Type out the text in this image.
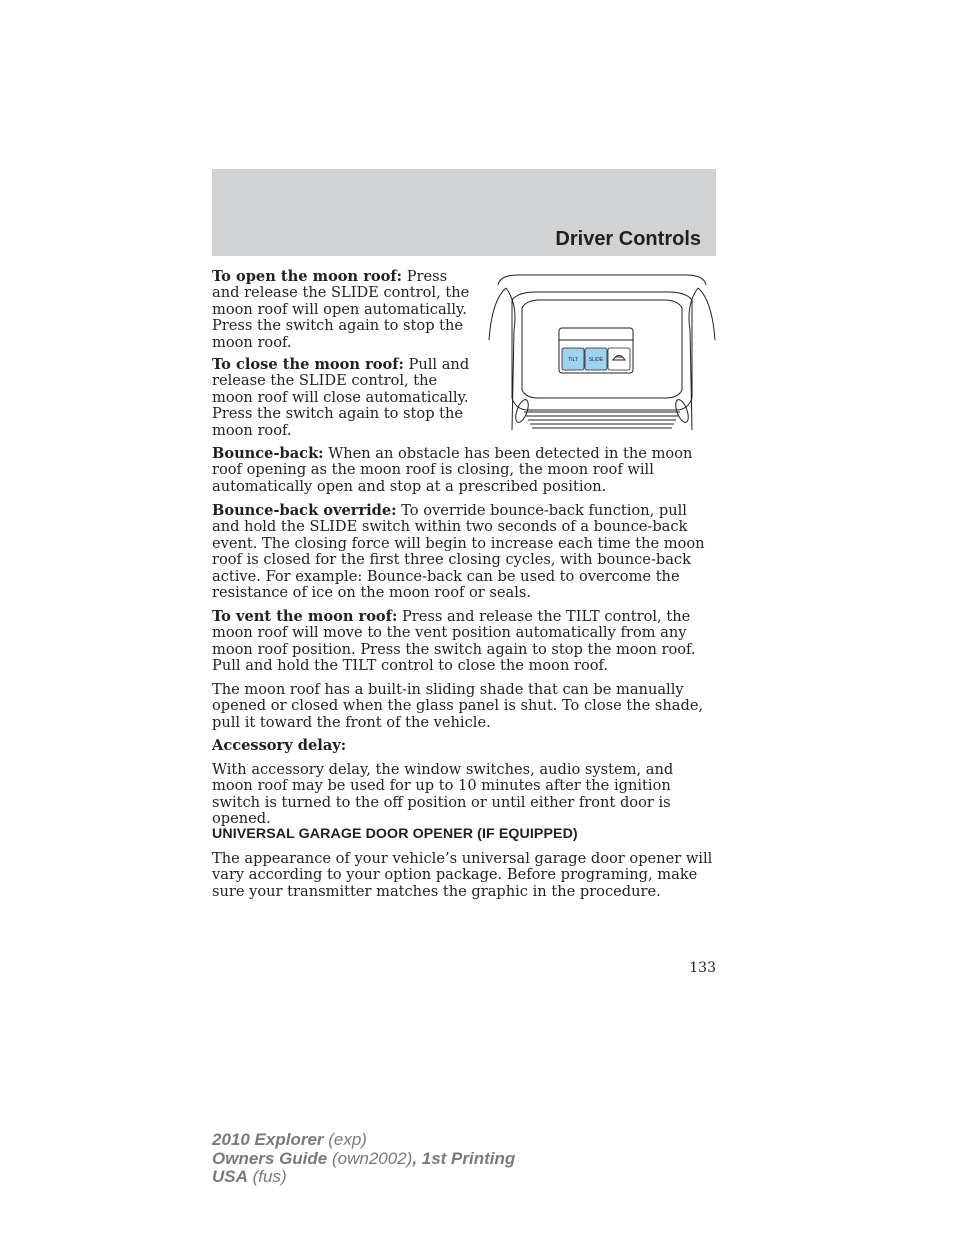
Driver Controls

To open the moon roof: Press and release the SLIDE control, the moon roof will open automatically. Press the switch again to stop the moon roof.

To close the moon roof: Pull and release the SLIDE control, the moon roof will close automatically. Press the switch again to stop the moon roof.

TILT SLIDE

Bounce-back: When an obstacle has been detected in the moon roof opening as the moon roof is closing, the moon roof will automatically open and stop at a prescribed position.

Bounce-back override: To override bounce-back function, pull and hold the SLIDE switch within two seconds of a bounce-back event. The closing force will begin to increase each time the moon roof is closed for the first three closing cycles, with bounce-back active. For example: Bounce-back can be used to overcome the resistance of ice on the moon roof or seals.

To vent the moon roof: Press and release the TILT control, the moon roof will move to the vent position automatically from any moon roof position. Press the switch again to stop the moon roof. Pull and hold the TILT control to close the moon roof.

The moon roof has a built-in sliding shade that can be manually opened or closed when the glass panel is shut. To close the shade, pull it toward the front of the vehicle.

Accessory delay:

With accessory delay, the window switches, audio system, and moon roof may be used for up to 10 minutes after the ignition switch is turned to the off position or until either front door is opened.

UNIVERSAL GARAGE DOOR OPENER (IF EQUIPPED)

The appearance of your vehicle’s universal garage door opener will vary according to your option package. Before programing, make sure your transmitter matches the graphic in the procedure.

133
2010 Explorer (exp)
Owners Guide (own2002), 1st Printing
USA (fus)
